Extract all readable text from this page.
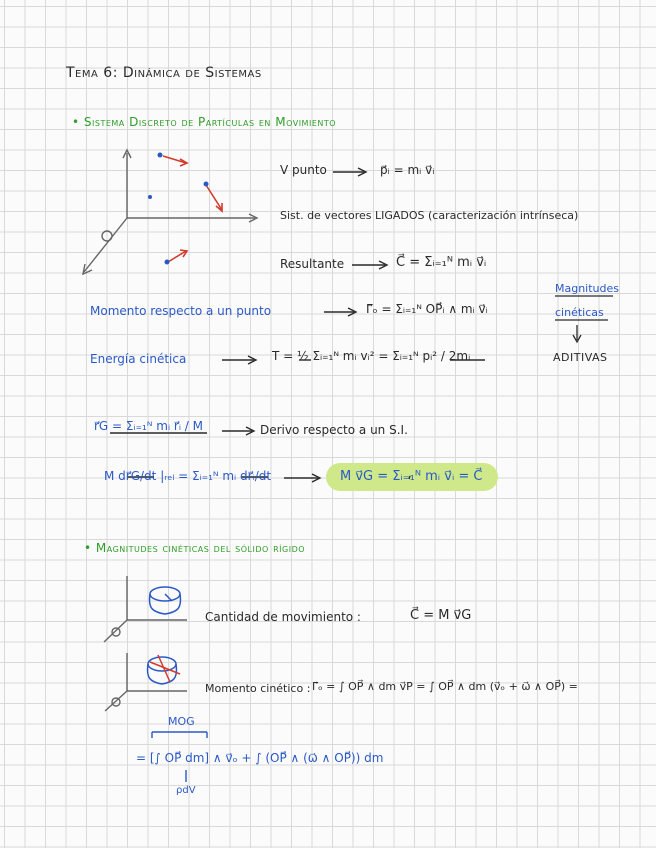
Tema 6: Dinámica de Sistemas
• Sistema Discreto de Partículas en Movimiento
V punto	p⃗ᵢ = mᵢ v⃗ᵢ
Sist. de vectores LIGADOS (caracterización intrínseca)
Resultante	C⃗ = Σᵢ₌₁ᴺ mᵢ v⃗ᵢ
Momento respecto a un punto	Γ⃗ₒ = Σᵢ₌₁ᴺ OP⃗ᵢ ∧ mᵢ v⃗ᵢ
Energía cinética	T = ½ Σᵢ₌₁ᴺ mᵢ vᵢ² = Σᵢ₌₁ᴺ pᵢ² / 2mᵢ
Magnitudes
cinéticas
ADITIVAS
r⃗G = Σᵢ₌₁ᴺ mᵢ r⃗ᵢ / M	Derivo respecto a un S.I.
M dr⃗G/dt |ᵣₑₗ = Σᵢ₌₁ᴺ mᵢ dr⃗ᵢ/dt	M v⃗G = Σᵢ₌₁ᴺ mᵢ v⃗ᵢ = C⃗
• Magnitudes cinéticas del sólido rígido
Cantidad de movimiento :	C⃗ = M v⃗G
Momento cinético : Γ⃗ₒ = ∫ OP⃗ ∧ dm v⃗P = ∫ OP⃗ ∧ dm (v⃗ₒ + ω⃗ ∧ OP⃗) =
MOG
= [∫ OP⃗ dm] ∧ v⃗ₒ + ∫ (OP⃗ ∧ (ω⃗ ∧ OP⃗)) dm
ρdV
